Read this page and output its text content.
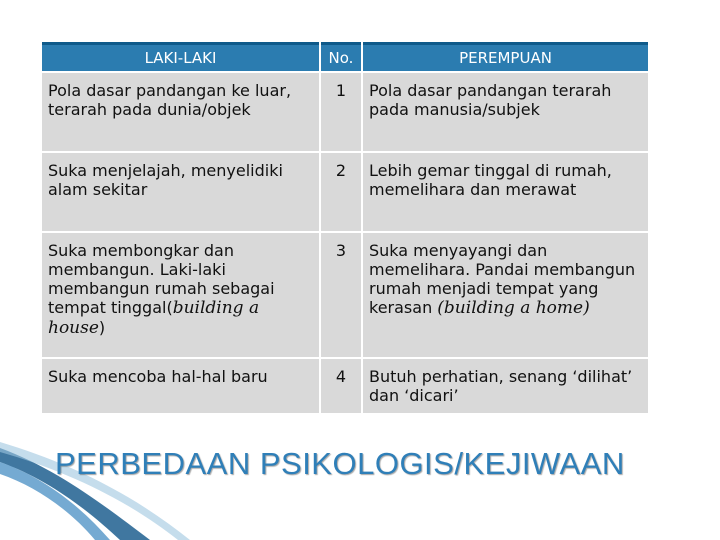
LAKI-LAKI	No.	PEREMPUAN
Pola dasar pandangan ke luar, terarah pada dunia/objek	1	Pola dasar pandangan terarah pada manusia/subjek
Suka menjelajah, menyelidiki alam sekitar	2	Lebih gemar tinggal di rumah, memelihara dan merawat
Suka membongkar dan membangun. Laki-laki membangun rumah sebagai tempat tinggal(building a house)	3	Suka menyayangi dan memelihara. Pandai membangun rumah menjadi tempat yang kerasan (building a home)
Suka mencoba hal-hal baru	4	Butuh perhatian, senang ‘dilihat’ dan ‘dicari’
PERBEDAAN PSIKOLOGIS/KEJIWAAN
